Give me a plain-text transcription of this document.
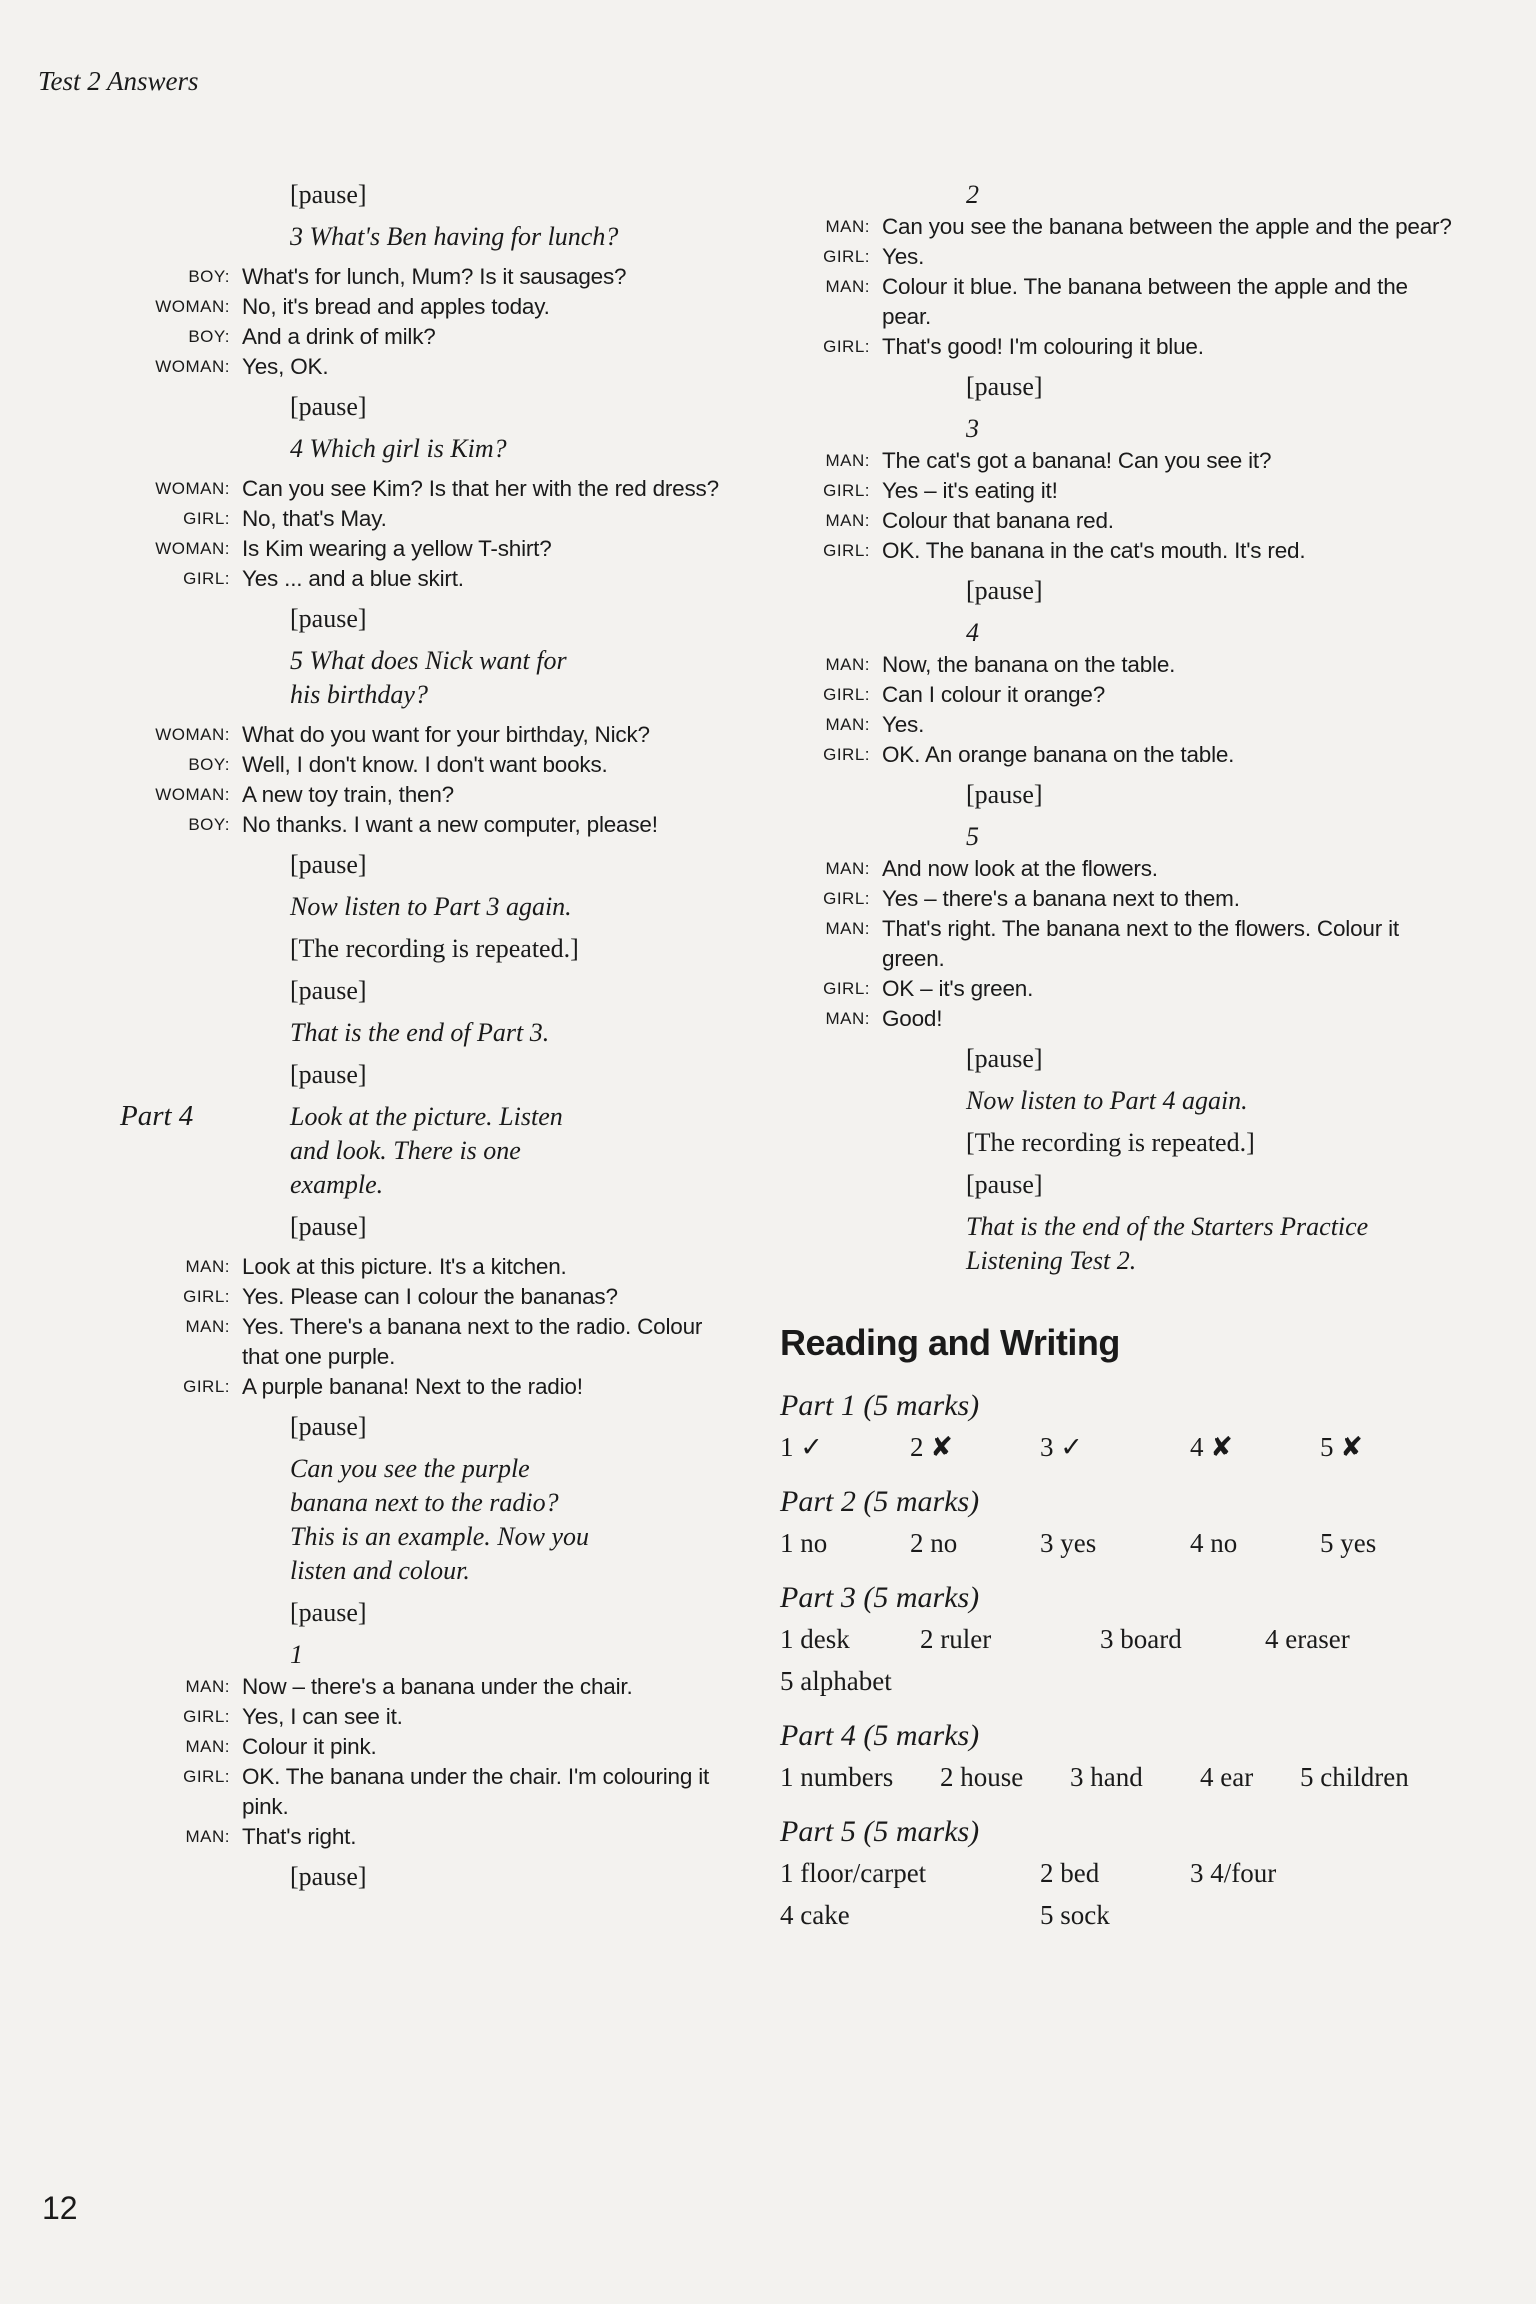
Test 2 Answers
[pause]
3 What's Ben having for lunch?
BOY: What's for lunch, Mum? Is it sausages?
WOMAN: No, it's bread and apples today.
BOY: And a drink of milk?
WOMAN: Yes, OK.
[pause]
4 Which girl is Kim?
WOMAN: Can you see Kim? Is that her with the red dress?
GIRL: No, that's May.
WOMAN: Is Kim wearing a yellow T-shirt?
GIRL: Yes ... and a blue skirt.
[pause]
5 What does Nick want for his birthday?
WOMAN: What do you want for your birthday, Nick?
BOY: Well, I don't know. I don't want books.
WOMAN: A new toy train, then?
BOY: No thanks. I want a new computer, please!
[pause]
Now listen to Part 3 again.
[The recording is repeated.]
[pause]
That is the end of Part 3.
[pause]
Part 4	Look at the picture. Listen and look. There is one example.
[pause]
MAN: Look at this picture. It's a kitchen.
GIRL: Yes. Please can I colour the bananas?
MAN: Yes. There's a banana next to the radio. Colour that one purple.
GIRL: A purple banana! Next to the radio!
[pause]
Can you see the purple banana next to the radio? This is an example. Now you listen and colour.
[pause]
1
MAN: Now – there's a banana under the chair.
GIRL: Yes, I can see it.
MAN: Colour it pink.
GIRL: OK. The banana under the chair. I'm colouring it pink.
MAN: That's right.
[pause]
2
MAN: Can you see the banana between the apple and the pear?
GIRL: Yes.
MAN: Colour it blue. The banana between the apple and the pear.
GIRL: That's good! I'm colouring it blue.
[pause]
3
MAN: The cat's got a banana! Can you see it?
GIRL: Yes – it's eating it!
MAN: Colour that banana red.
GIRL: OK. The banana in the cat's mouth. It's red.
[pause]
4
MAN: Now, the banana on the table.
GIRL: Can I colour it orange?
MAN: Yes.
GIRL: OK. An orange banana on the table.
[pause]
5
MAN: And now look at the flowers.
GIRL: Yes – there's a banana next to them.
MAN: That's right. The banana next to the flowers. Colour it green.
GIRL: OK – it's green.
MAN: Good!
[pause]
Now listen to Part 4 again.
[The recording is repeated.]
[pause]
That is the end of the Starters Practice Listening Test 2.
Reading and Writing
Part 1 (5 marks)
1 ✓	2 ✘	3 ✓	4 ✘	5 ✘
Part 2 (5 marks)
1 no	2 no	3 yes	4 no	5 yes
Part 3 (5 marks)
1 desk	2 ruler	3 board	4 eraser
5 alphabet
Part 4 (5 marks)
1 numbers	2 house	3 hand	4 ear	5 children
Part 5 (5 marks)
1 floor/carpet	2 bed	3 4/four
4 cake	5 sock
12
